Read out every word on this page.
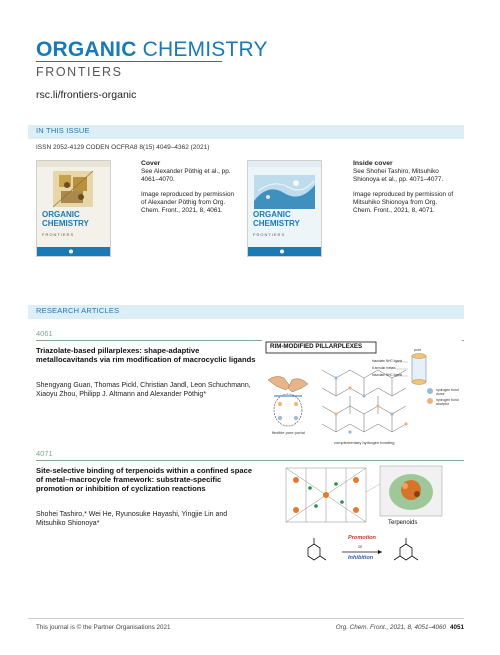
ORGANIC CHEMISTRY
FRONTIERS
rsc.li/frontiers-organic
IN THIS ISSUE
ISSN 2052-4129 CODEN OCFRA8 8(15) 4049–4362 (2021)
ORGANIC CHEMISTRY
FRONTIERS
Cover
See Alexander Pöthig et al., pp. 4061–4070.
Image reproduced by permission of Alexander Pöthig from Org. Chem. Front., 2021, 8, 4061.	ORGANIC CHEMISTRY
FRONTIERS
Inside cover
See Shohei Tashiro, Mitsuhiko Shionoya et al., pp. 4071–4077.
Image reproduced by permission of Mitsuhiko Shionoya from Org. Chem. Front., 2021, 8, 4071.
RESEARCH ARTICLES
4061
Triazolate-based pillarplexes: shape-adaptive metallocavitands via rim modification of macrocyclic ligands
Shengyang Guan, Thomas Pickl, Christian Jandl, Leon Schuchmann, Xiaoyu Zhou, Philipp J. Altmann and Alexander Pöthig*
RIM-MODIFIED PILLARPLEXES
flexible pore portal
complementary hydrogen bonding
hydrogen bond donor
hydrogen bond acceptor
triazolate NHC ligand
8 annular metals
triazolate NHC ligand
pore
4071
Site-selective binding of terpenoids within a confined space of metal–macrocycle framework: substrate-specific promotion or inhibition of cyclization reactions
Shohei Tashiro,* Wei He, Ryunosuke Hayashi, Yingjie Lin and Mitsuhiko Shionoya*	Terpenoids
Promotion
or
Inhibition
This journal is © the Partner Organisations 2021	Org. Chem. Front., 2021, 8, 4051–4060 4051
